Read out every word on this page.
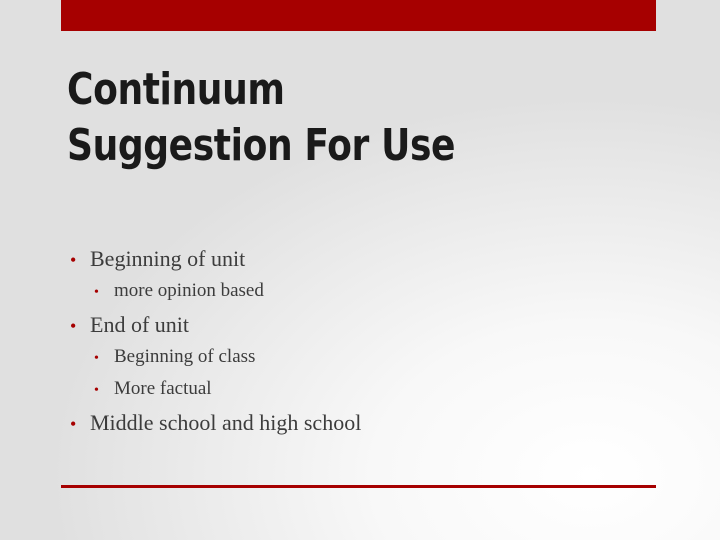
Continuum
Suggestion For Use
• Beginning of unit
• more opinion based
• End of unit
• Beginning of class
• More factual
• Middle school and high school
